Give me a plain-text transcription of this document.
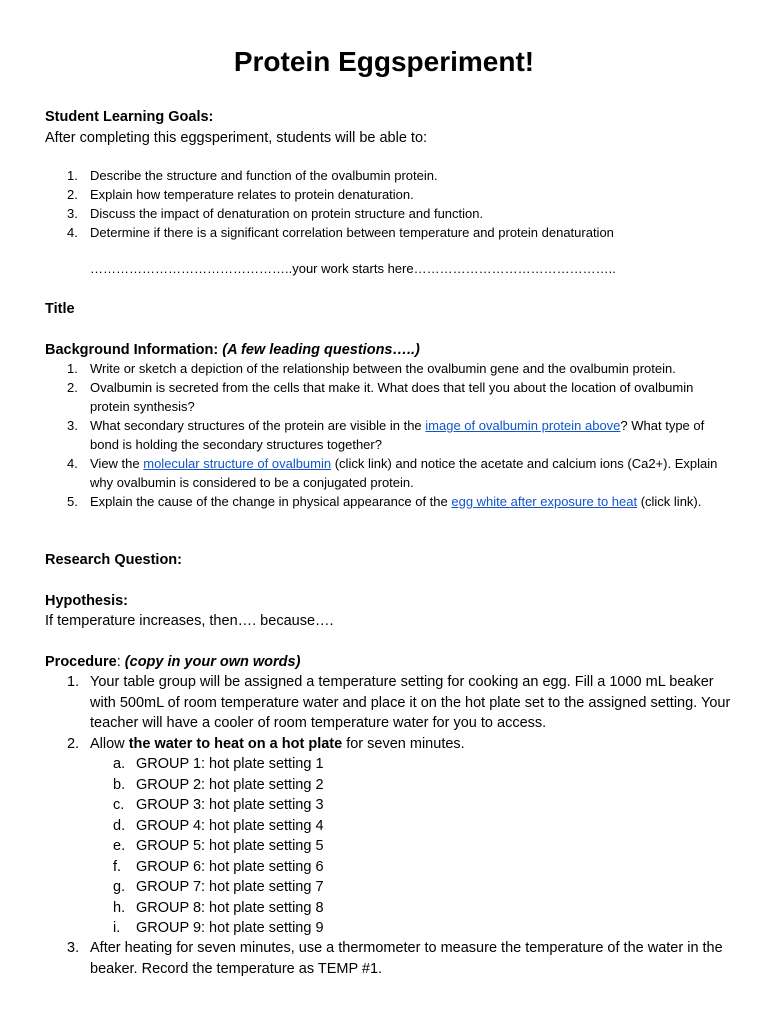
Protein Eggsperiment!
Student Learning Goals:
After completing this eggsperiment, students will be able to:
1. Describe the structure and function of the ovalbumin protein.
2. Explain how temperature relates to protein denaturation.
3. Discuss the impact of denaturation on protein structure and function.
4. Determine if there is a significant correlation between temperature and protein denaturation
………………………………………..your work starts here………………………………………..
Title
Background Information: (A few leading questions…..)
1. Write or sketch a depiction of the relationship between the ovalbumin gene and the ovalbumin protein.
2. Ovalbumin is secreted from the cells that make it. What does that tell you about the location of ovalbumin protein synthesis?
3. What secondary structures of the protein are visible in the image of ovalbumin protein above? What type of bond is holding the secondary structures together?
4. View the molecular structure of ovalbumin (click link) and notice the acetate and calcium ions (Ca2+). Explain why ovalbumin is considered to be a conjugated protein.
5. Explain the cause of the change in physical appearance of the egg white after exposure to heat (click link).
Research Question:
Hypothesis:
If temperature increases, then…. because….
Procedure: (copy in your own words)
1. Your table group will be assigned a temperature setting for cooking an egg. Fill a 1000 mL beaker with 500mL of room temperature water and place it on the hot plate set to the assigned setting. Your teacher will have a cooler of room temperature water for you to access.
2. Allow the water to heat on a hot plate for seven minutes.
a. GROUP 1: hot plate setting 1
b. GROUP 2: hot plate setting 2
c. GROUP 3: hot plate setting 3
d. GROUP 4: hot plate setting 4
e. GROUP 5: hot plate setting 5
f.	GROUP 6: hot plate setting 6
g. GROUP 7: hot plate setting 7
h. GROUP 8: hot plate setting 8
i.	GROUP 9: hot plate setting 9
3. After heating for seven minutes, use a thermometer to measure the temperature of the water in the beaker. Record the temperature as TEMP #1.
